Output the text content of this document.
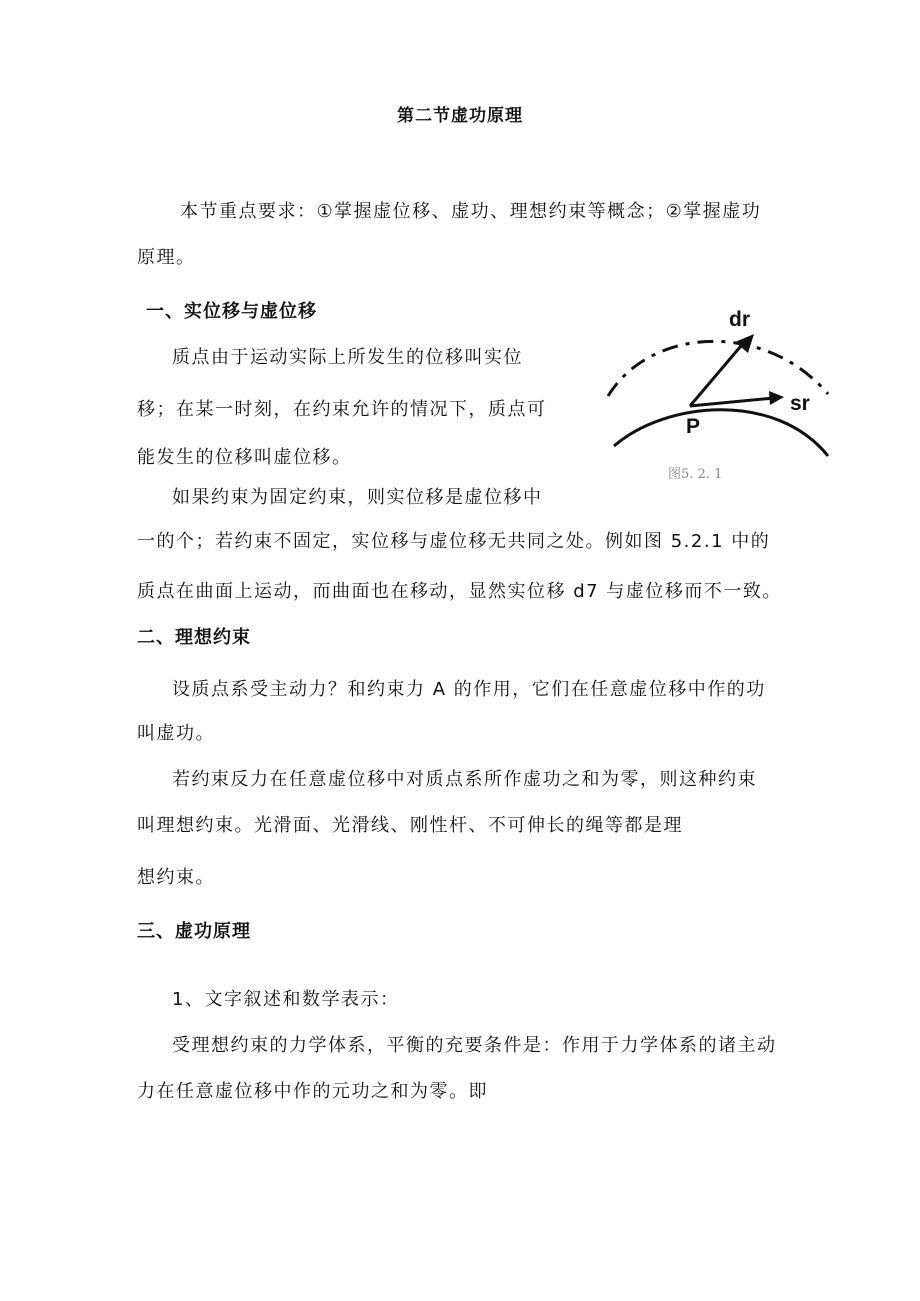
第二节虚功原理

本节重点要求：①掌握虚位移、虚功、理想约束等概念；②掌握虚功

原理。

一、实位移与虚位移

质点由于运动实际上所发生的位移叫实位

移；在某一时刻，在约束允许的情况下，质点可

能发生的位移叫虚位移。

dr
sr
P
图5. 2. 1

如果约束为固定约束，则实位移是虚位移中

一的个；若约束不固定，实位移与虚位移无共同之处。例如图 5.2.1 中的

质点在曲面上运动，而曲面也在移动，显然实位移 d7 与虚位移而不一致。

二、理想约束

设质点系受主动力？和约束力 A 的作用，它们在任意虚位移中作的功

叫虚功。

若约束反力在任意虚位移中对质点系所作虚功之和为零，则这种约束

叫理想约束。光滑面、光滑线、刚性杆、不可伸长的绳等都是理

想约束。

三、虚功原理

1、文字叙述和数学表示：

受理想约束的力学体系，平衡的充要条件是：作用于力学体系的诸主动

力在任意虚位移中作的元功之和为零。即
